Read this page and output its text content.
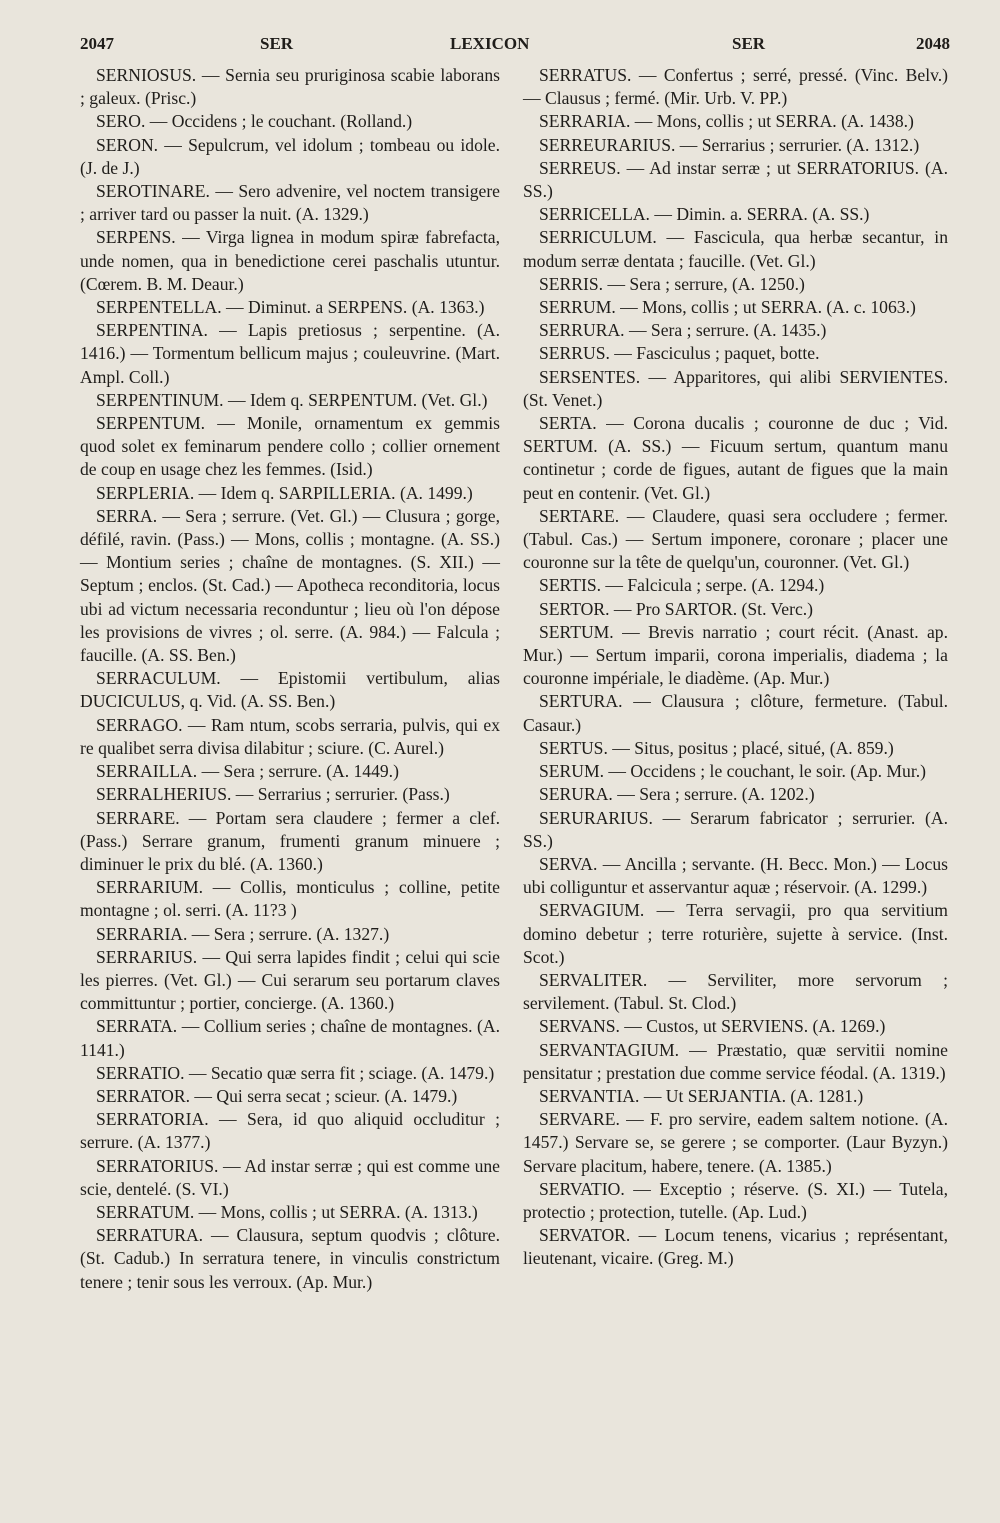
2047	SER	LEXICON	SER	2048

SERNIOSUS. — Sernia seu pruriginosa scabie laborans ; galeux. (Prisc.)

SERO. — Occidens ; le couchant. (Rolland.)

SERON. — Sepulcrum, vel idolum ; tombeau ou idole. (J. de J.)

SEROTINARE. — Sero advenire, vel noctem transigere ; arriver tard ou passer la nuit. (A. 1329.)

SERPENS. — Virga lignea in modum spiræ fabrefacta, unde nomen, qua in benedictione cerei paschalis utuntur. (Cœrem. B. M. Deaur.)

SERPENTELLA. — Diminut. a SERPENS. (A. 1363.)

SERPENTINA. — Lapis pretiosus ; serpentine. (A. 1416.) — Tormentum bellicum majus ; couleuvrine. (Mart. Ampl. Coll.)

SERPENTINUM. — Idem q. SERPENTUM. (Vet. Gl.)

SERPENTUM. — Monile, ornamentum ex gemmis quod solet ex feminarum pendere collo ; collier ornement de coup en usage chez les femmes. (Isid.)

SERPLERIA. — Idem q. SARPILLERIA. (A. 1499.)

SERRA. — Sera ; serrure. (Vet. Gl.) — Clusura ; gorge, défilé, ravin. (Pass.) — Mons, collis ; montagne. (A. SS.) — Montium series ; chaîne de montagnes. (S. XII.) — Septum ; enclos. (St. Cad.) — Apotheca reconditoria, locus ubi ad victum necessaria reconduntur ; lieu où l'on dépose les provisions de vivres ; ol. serre. (A. 984.) — Falcula ; faucille. (A. SS. Ben.)

SERRACULUM. — Epistomii vertibulum, alias DUCICULUS, q. Vid. (A. SS. Ben.)

SERRAGO. — Ram ntum, scobs serraria, pulvis, qui ex re qualibet serra divisa dilabitur ; sciure. (C. Aurel.)

SERRAILLA. — Sera ; serrure. (A. 1449.)

SERRALHERIUS. — Serrarius ; serrurier. (Pass.)

SERRARE. — Portam sera claudere ; fermer a clef. (Pass.) Serrare granum, frumenti granum minuere ; diminuer le prix du blé. (A. 1360.)

SERRARIUM. — Collis, monticulus ; colline, petite montagne ; ol. serri. (A. 11?3 )

SERRARIA. — Sera ; serrure. (A. 1327.)

SERRARIUS. — Qui serra lapides findit ; celui qui scie les pierres. (Vet. Gl.) — Cui serarum seu portarum claves committuntur ; portier, concierge. (A. 1360.)

SERRATA. — Collium series ; chaîne de montagnes. (A. 1141.)

SERRATIO. — Secatio quæ serra fit ; sciage. (A. 1479.)

SERRATOR. — Qui serra secat ; scieur. (A. 1479.)

SERRATORIA. — Sera, id quo aliquid occluditur ; serrure. (A. 1377.)

SERRATORIUS. — Ad instar serræ ; qui est comme une scie, dentelé. (S. VI.)

SERRATUM. — Mons, collis ; ut SERRA. (A. 1313.)

SERRATURA. — Clausura, septum quodvis ; clôture. (St. Cadub.) In serratura tenere, in vinculis constrictum tenere ; tenir sous les verroux. (Ap. Mur.)

SERRATUS. — Confertus ; serré, pressé. (Vinc. Belv.) — Clausus ; fermé. (Mir. Urb. V. PP.)

SERRARIA. — Mons, collis ; ut SERRA. (A. 1438.)

SERREURARIUS. — Serrarius ; serrurier. (A. 1312.)

SERREUS. — Ad instar serræ ; ut SERRATORIUS. (A. SS.)

SERRICELLA. — Dimin. a. SERRA. (A. SS.)

SERRICULUM. — Fascicula, qua herbæ secantur, in modum serræ dentata ; faucille. (Vet. Gl.)

SERRIS. — Sera ; serrure, (A. 1250.)

SERRUM. — Mons, collis ; ut SERRA. (A. c. 1063.)

SERRURA. — Sera ; serrure. (A. 1435.)

SERRUS. — Fasciculus ; paquet, botte.

SERSENTES. — Apparitores, qui alibi SERVIENTES. (St. Venet.)

SERTA. — Corona ducalis ; couronne de duc ; Vid. SERTUM. (A. SS.) — Ficuum sertum, quantum manu continetur ; corde de figues, autant de figues que la main peut en contenir. (Vet. Gl.)

SERTARE. — Claudere, quasi sera occludere ; fermer. (Tabul. Cas.) — Sertum imponere, coronare ; placer une couronne sur la tête de quelqu'un, couronner. (Vet. Gl.)

SERTIS. — Falcicula ; serpe. (A. 1294.)

SERTOR. — Pro SARTOR. (St. Verc.)

SERTUM. — Brevis narratio ; court récit. (Anast. ap. Mur.) — Sertum imparii, corona imperialis, diadema ; la couronne impériale, le diadème. (Ap. Mur.)

SERTURA. — Clausura ; clôture, fermeture. (Tabul. Casaur.)

SERTUS. — Situs, positus ; placé, situé, (A. 859.)

SERUM. — Occidens ; le couchant, le soir. (Ap. Mur.)

SERURA. — Sera ; serrure. (A. 1202.)

SERURARIUS. — Serarum fabricator ; serrurier. (A. SS.)

SERVA. — Ancilla ; servante. (H. Becc. Mon.) — Locus ubi colliguntur et asservantur aquæ ; réservoir. (A. 1299.)

SERVAGIUM. — Terra servagii, pro qua servitium domino debetur ; terre roturière, sujette à service. (Inst. Scot.)

SERVALITER. — Serviliter, more servorum ; servilement. (Tabul. St. Clod.)

SERVANS. — Custos, ut SERVIENS. (A. 1269.)

SERVANTAGIUM. — Præstatio, quæ servitii nomine pensitatur ; prestation due comme service féodal. (A. 1319.)

SERVANTIA. — Ut SERJANTIA. (A. 1281.)

SERVARE. — F. pro servire, eadem saltem notione. (A. 1457.) Servare se, se gerere ; se comporter. (Laur Byzyn.) Servare placitum, habere, tenere. (A. 1385.)

SERVATIO. — Exceptio ; réserve. (S. XI.) — Tutela, protectio ; protection, tutelle. (Ap. Lud.)

SERVATOR. — Locum tenens, vicarius ; représentant, lieutenant, vicaire. (Greg. M.)
